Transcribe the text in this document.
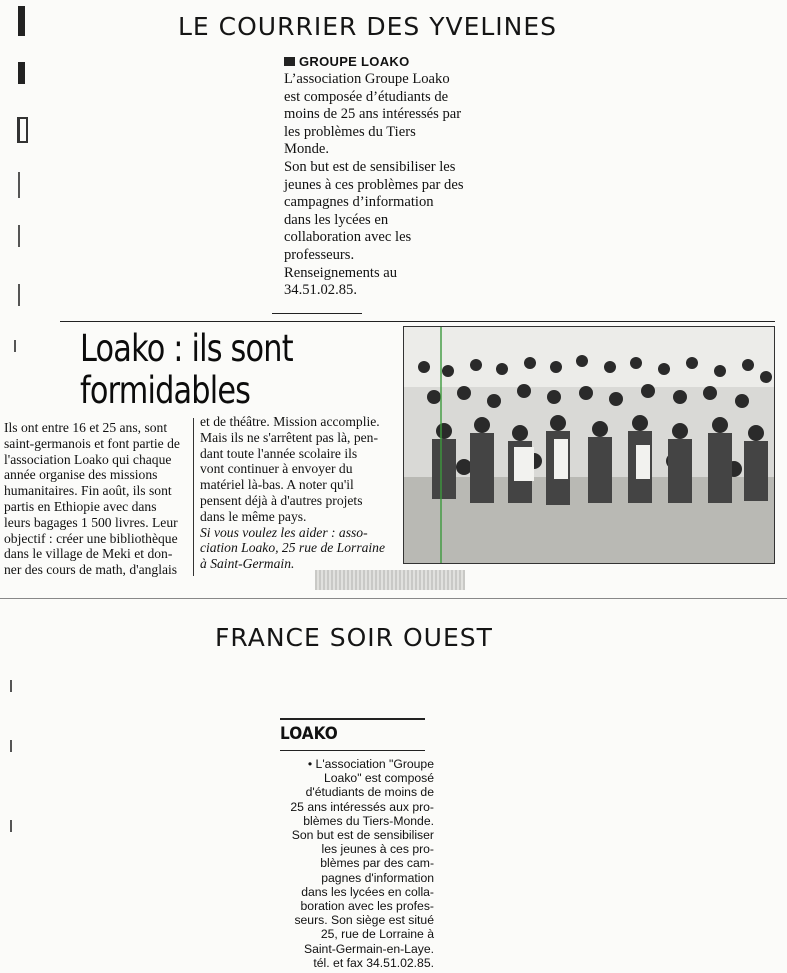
LE COURRIER DES YVELINES
GROUPE LOAKO
L’association Groupe Loako
est composée d’étudiants de
moins de 25 ans intéressés par
les problèmes du Tiers
Monde.
Son but est de sensibiliser les
jeunes à ces problèmes par des
campagnes d’information
dans les lycées en
collaboration avec les
professeurs.
Renseignements au
34.51.02.85.
Loako : ils sont
formidables
Ils ont entre 16 et 25 ans, sont
saint-germanois et font partie de
l'association Loako qui chaque
année organise des missions
humanitaires. Fin août, ils sont
partis en Ethiopie avec dans
leurs bagages 1 500 livres. Leur
objectif : créer une bibliothèque
dans le village de Meki et don-
ner des cours de math, d'anglais
et de théâtre. Mission accomplie.
Mais ils ne s'arrêtent pas là, pen-
dant toute l'année scolaire ils
vont continuer à envoyer du
matériel là-bas. A noter qu'il
pensent déjà à d'autres projets
dans le même pays.
Si vous voulez les aider : asso-
ciation Loako, 25 rue de Lorraine
à Saint-Germain.
FRANCE SOIR OUEST
LOAKO
• L'association "Groupe
Loako" est composé
d'étudiants de moins de
25 ans intéressés aux pro-
blèmes du Tiers-Monde.
Son but est de sensibiliser
les jeunes à ces pro-
blèmes par des cam-
pagnes d'information
dans les lycées en colla-
boration avec les profes-
seurs. Son siège est situé
25, rue de Lorraine à
Saint-Germain-en-Laye.
tél. et fax 34.51.02.85.
